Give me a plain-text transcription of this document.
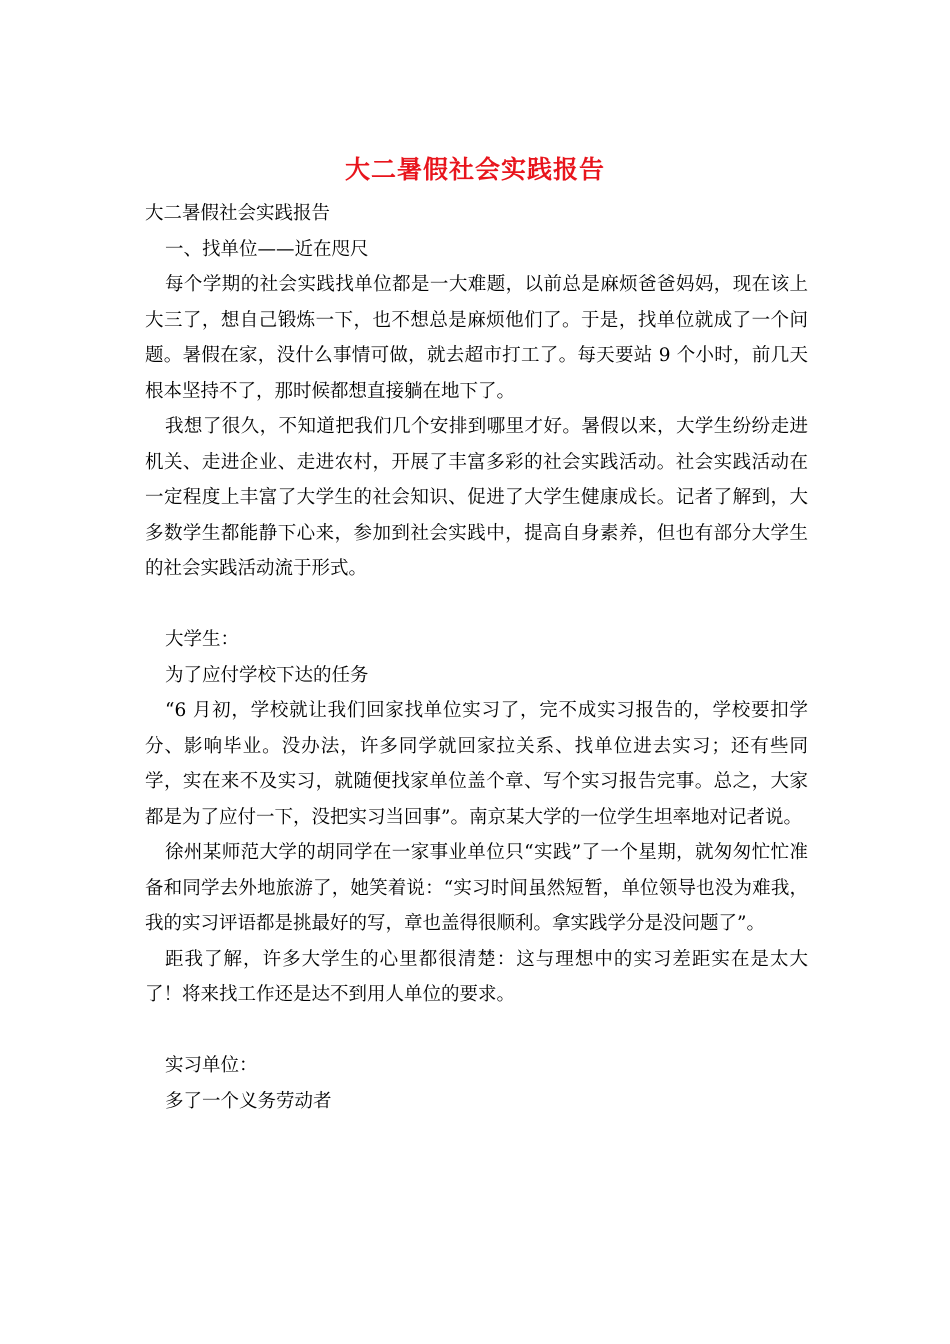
大二暑假社会实践报告

大二暑假社会实践报告

一、找单位——近在咫尺

每个学期的社会实践找单位都是一大难题，以前总是麻烦爸爸妈妈，现在该上大三了，想自己锻炼一下，也不想总是麻烦他们了。于是，找单位就成了一个问题。暑假在家，没什么事情可做，就去超市打工了。每天要站 9 个小时，前几天根本坚持不了，那时候都想直接躺在地下了。

我想了很久，不知道把我们几个安排到哪里才好。暑假以来，大学生纷纷走进机关、走进企业、走进农村，开展了丰富多彩的社会实践活动。社会实践活动在一定程度上丰富了大学生的社会知识、促进了大学生健康成长。记者了解到，大多数学生都能静下心来，参加到社会实践中，提高自身素养，但也有部分大学生的社会实践活动流于形式。

大学生：

为了应付学校下达的任务

“6 月初，学校就让我们回家找单位实习了，完不成实习报告的，学校要扣学分、影响毕业。没办法，许多同学就回家拉关系、找单位进去实习；还有些同学，实在来不及实习，就随便找家单位盖个章、写个实习报告完事。总之，大家都是为了应付一下，没把实习当回事”。南京某大学的一位学生坦率地对记者说。

徐州某师范大学的胡同学在一家事业单位只“实践”了一个星期，就匆匆忙忙准备和同学去外地旅游了，她笑着说：“实习时间虽然短暂，单位领导也没为难我，我的实习评语都是挑最好的写，章也盖得很顺利。拿实践学分是没问题了”。

距我了解，许多大学生的心里都很清楚：这与理想中的实习差距实在是太大了！将来找工作还是达不到用人单位的要求。

实习单位：

多了一个义务劳动者
